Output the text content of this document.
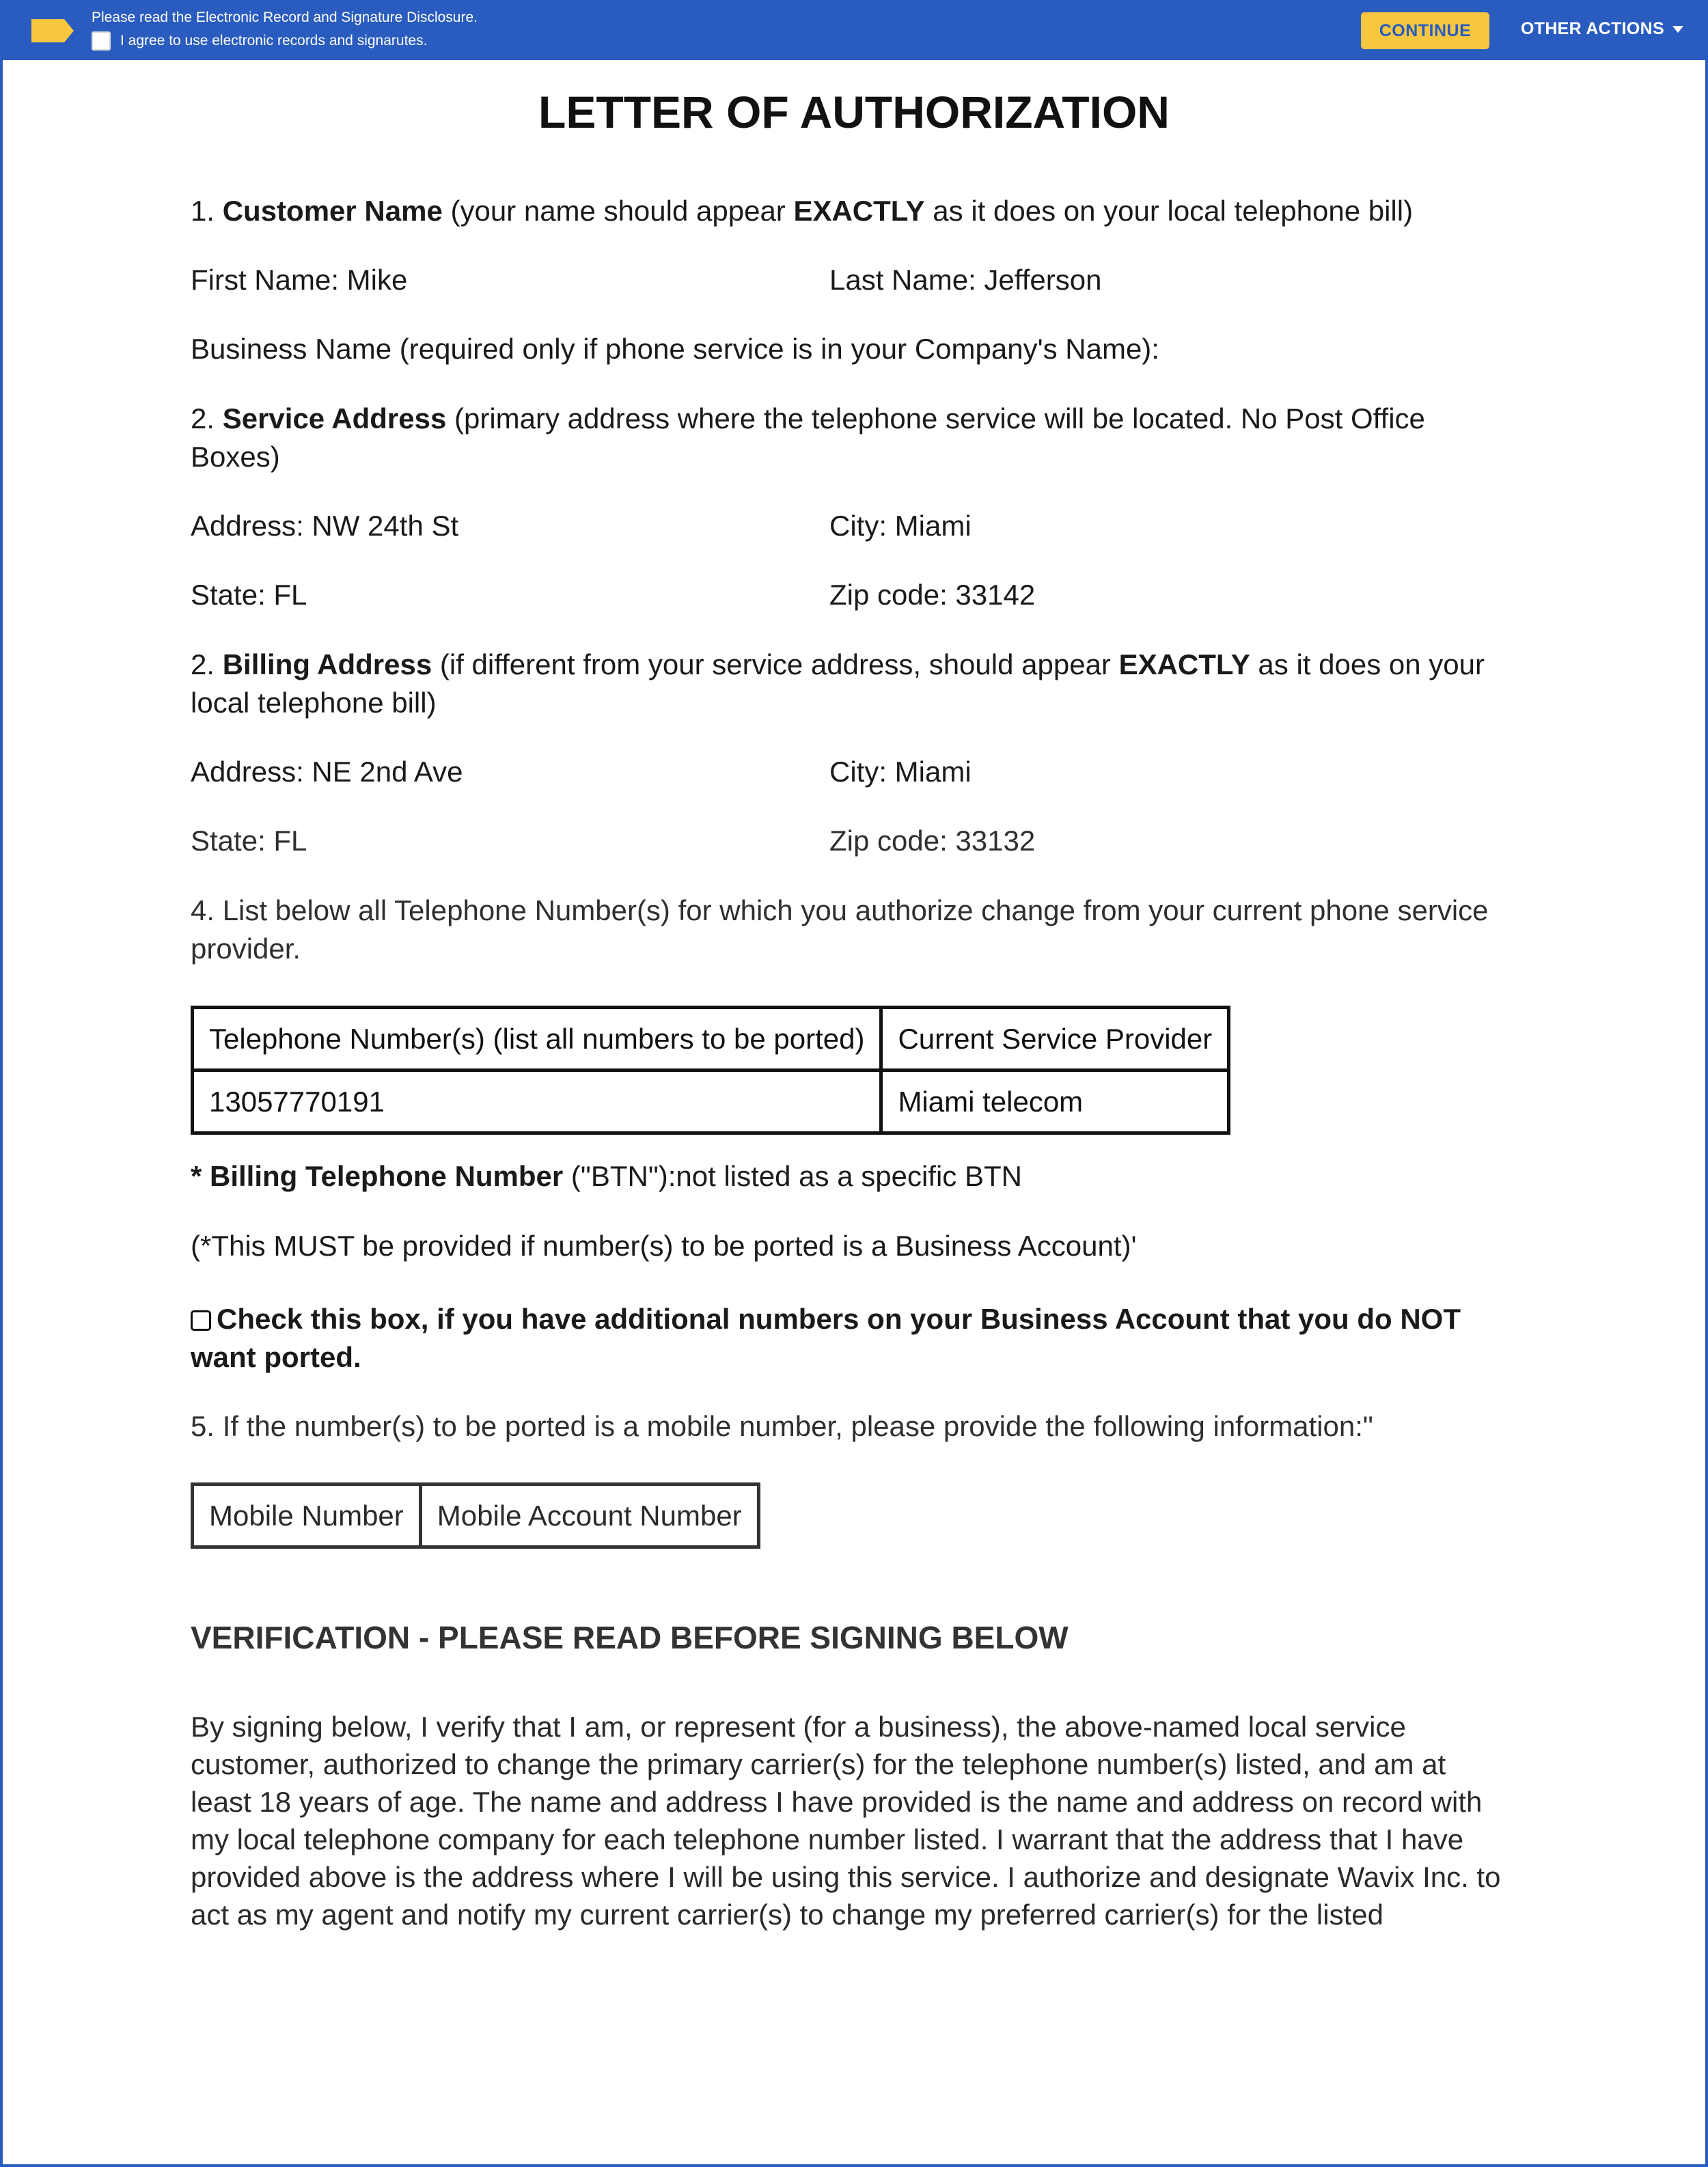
Please read the Electronic Record and Signature Disclosure.
I agree to use electronic records and signarutes.
CONTINUE	OTHER ACTIONS
LETTER OF AUTHORIZATION
1. Customer Name (your name should appear EXACTLY as it does on your local telephone bill)
First Name: Mike	Last Name: Jefferson
Business Name (required only if phone service is in your Company's Name):
2. Service Address (primary address where the telephone service will be located. No Post Office Boxes)
Address: NW 24th St	City: Miami
State: FL	Zip code: 33142
2. Billing Address (if different from your service address, should appear EXACTLY as it does on your local telephone bill)
Address: NE 2nd Ave	City: Miami
State: FL	Zip code: 33132
4. List below all Telephone Number(s) for which you authorize change from your current phone service provider.
Telephone Number(s) (list all numbers to be ported)	Current Service Provider
13057770191	Miami telecom
* Billing Telephone Number ("BTN"):not listed as a specific BTN
(*This MUST be provided if number(s) to be ported is a Business Account)'
Check this box, if you have additional numbers on your Business Account that you do NOT want ported.
5. If the number(s) to be ported is a mobile number, please provide the following information:"
Mobile Number	Mobile Account Number
VERIFICATION - PLEASE READ BEFORE SIGNING BELOW
By signing below, I verify that I am, or represent (for a business), the above-named local service customer, authorized to change the primary carrier(s) for the telephone number(s) listed, and am at least 18 years of age. The name and address I have provided is the name and address on record with my local telephone company for each telephone number listed. I warrant that the address that I have provided above is the address where I will be using this service. I authorize and designate Wavix Inc. to act as my agent and notify my current carrier(s) to change my preferred carrier(s) for the listed
